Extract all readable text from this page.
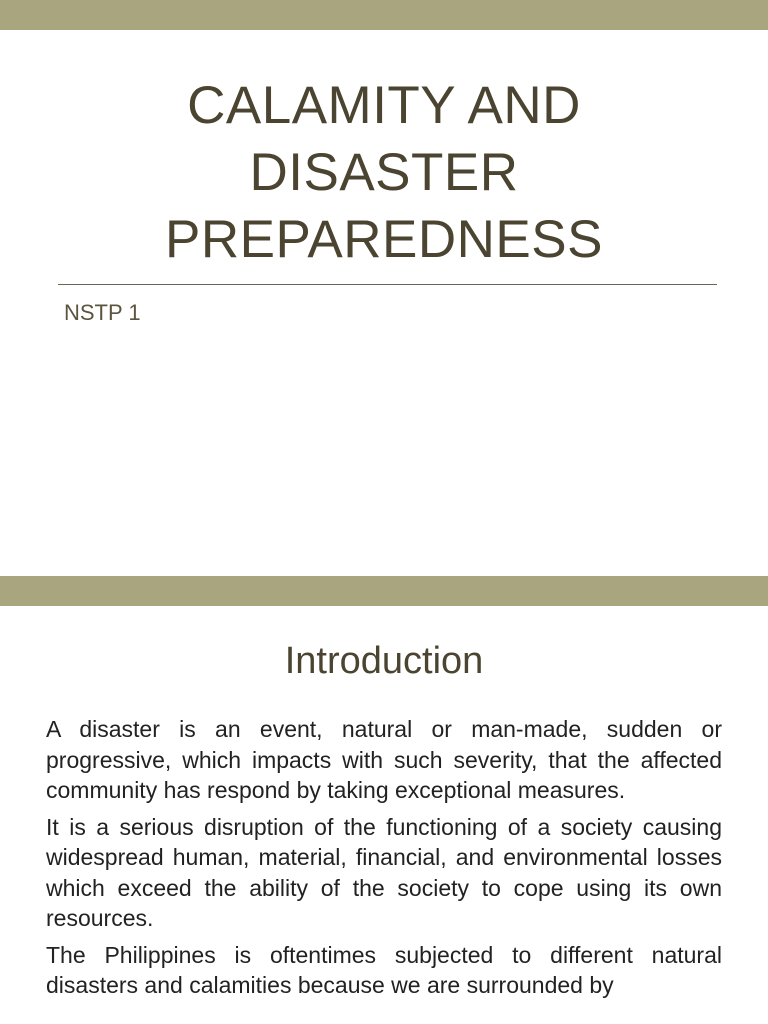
CALAMITY AND
DISASTER
PREPAREDNESS
NSTP 1
Introduction

A disaster is an event, natural or man-made, sudden or progressive, which impacts with such severity, that the affected community has respond by taking exceptional measures.

It is a serious disruption of the functioning of a society causing widespread human, material, financial, and environmental losses which exceed the ability of the society to cope using its own resources.

The Philippines is oftentimes subjected to different natural disasters and calamities because we are surrounded by
